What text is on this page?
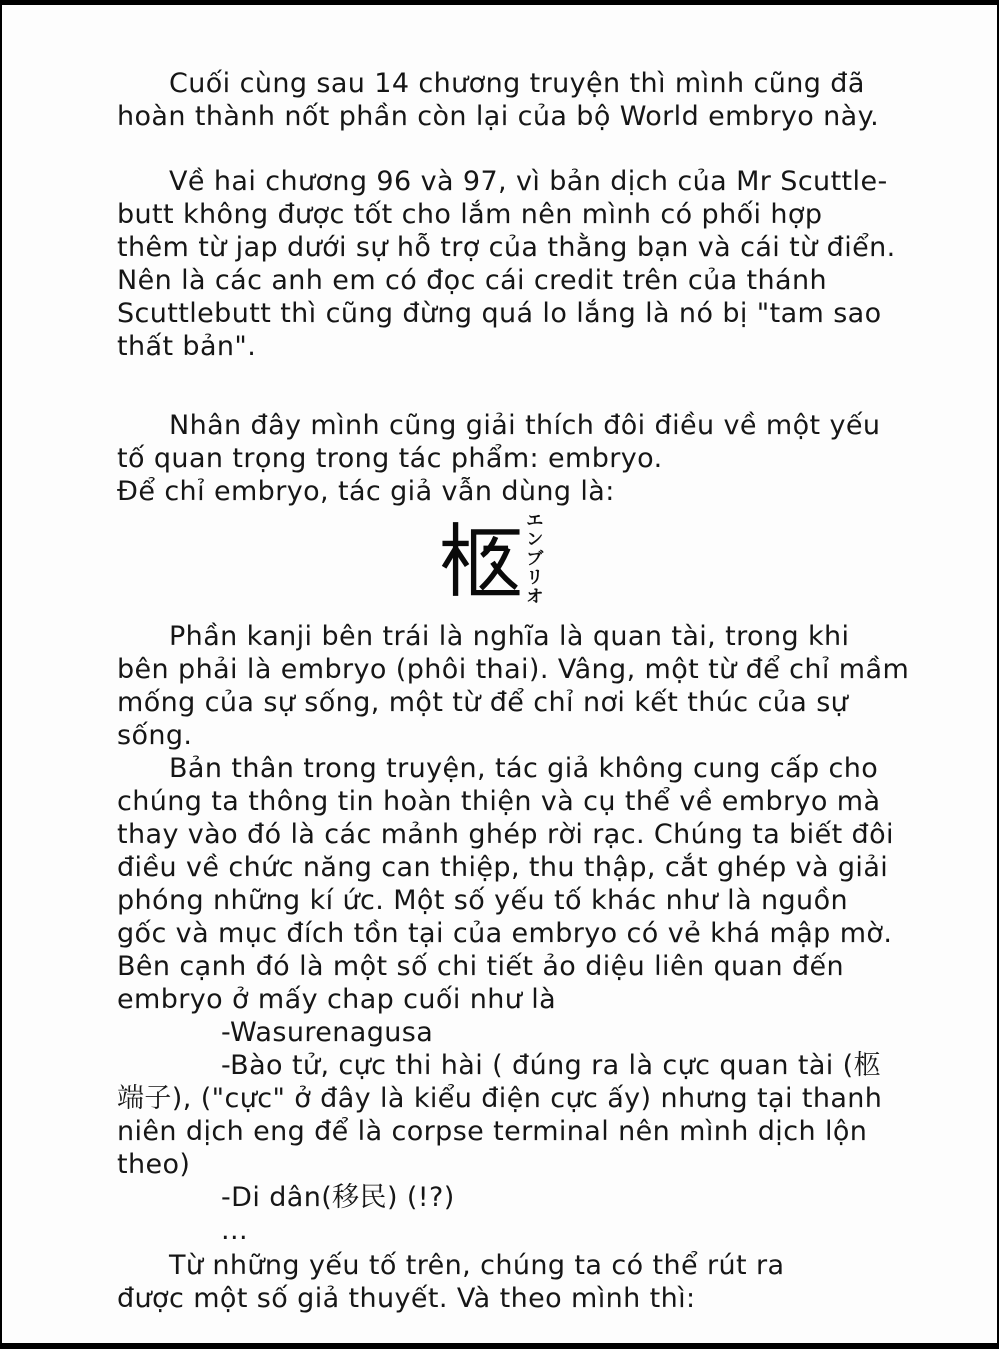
Cuối cùng sau 14 chương truyện thì mình cũng đã
hoàn thành nốt phần còn lại của bộ World embryo này.
Về hai chương 96 và 97, vì bản dịch của Mr Scuttle-
butt không được tốt cho lắm nên mình có phối hợp
thêm từ jap dưới sự hỗ trợ của thằng bạn và cái từ điển.
Nên là các anh em có đọc cái credit trên của thánh
Scuttlebutt thì cũng đừng quá lo lắng là nó bị "tam sao
thất bản".
Nhân đây mình cũng giải thích đôi điều về một yếu
tố quan trọng trong tác phẩm: embryo.
Để chỉ embryo, tác giả vẫn dùng là:
エ
ン
ブ
リ
オ
Phần kanji bên trái là nghĩa là quan tài, trong khi
bên phải là embryo (phôi thai). Vâng, một từ để chỉ mầm
mống của sự sống, một từ để chỉ nơi kết thúc của sự
sống.
Bản thân trong truyện, tác giả không cung cấp cho
chúng ta thông tin hoàn thiện và cụ thể về embryo mà
thay vào đó là các mảnh ghép rời rạc. Chúng ta biết đôi
điều về chức năng can thiệp, thu thập, cắt ghép và giải
phóng những kí ức. Một số yếu tố khác như là nguồn
gốc và mục đích tồn tại của embryo có vẻ khá mập mờ.
Bên cạnh đó là một số chi tiết ảo diệu liên quan đến
embryo ở mấy chap cuối như là
-Wasurenagusa
-Bào tử, cực thi hài ( đúng ra là cực quan tài (柩
端子), ("cực" ở đây là kiểu điện cực ấy) nhưng tại thanh
niên dịch eng để là corpse terminal nên mình dịch lộn
theo)
-Di dân(移民) (!?)
...
Từ những yếu tố trên, chúng ta có thể rút ra
được một số giả thuyết. Và theo mình thì:
